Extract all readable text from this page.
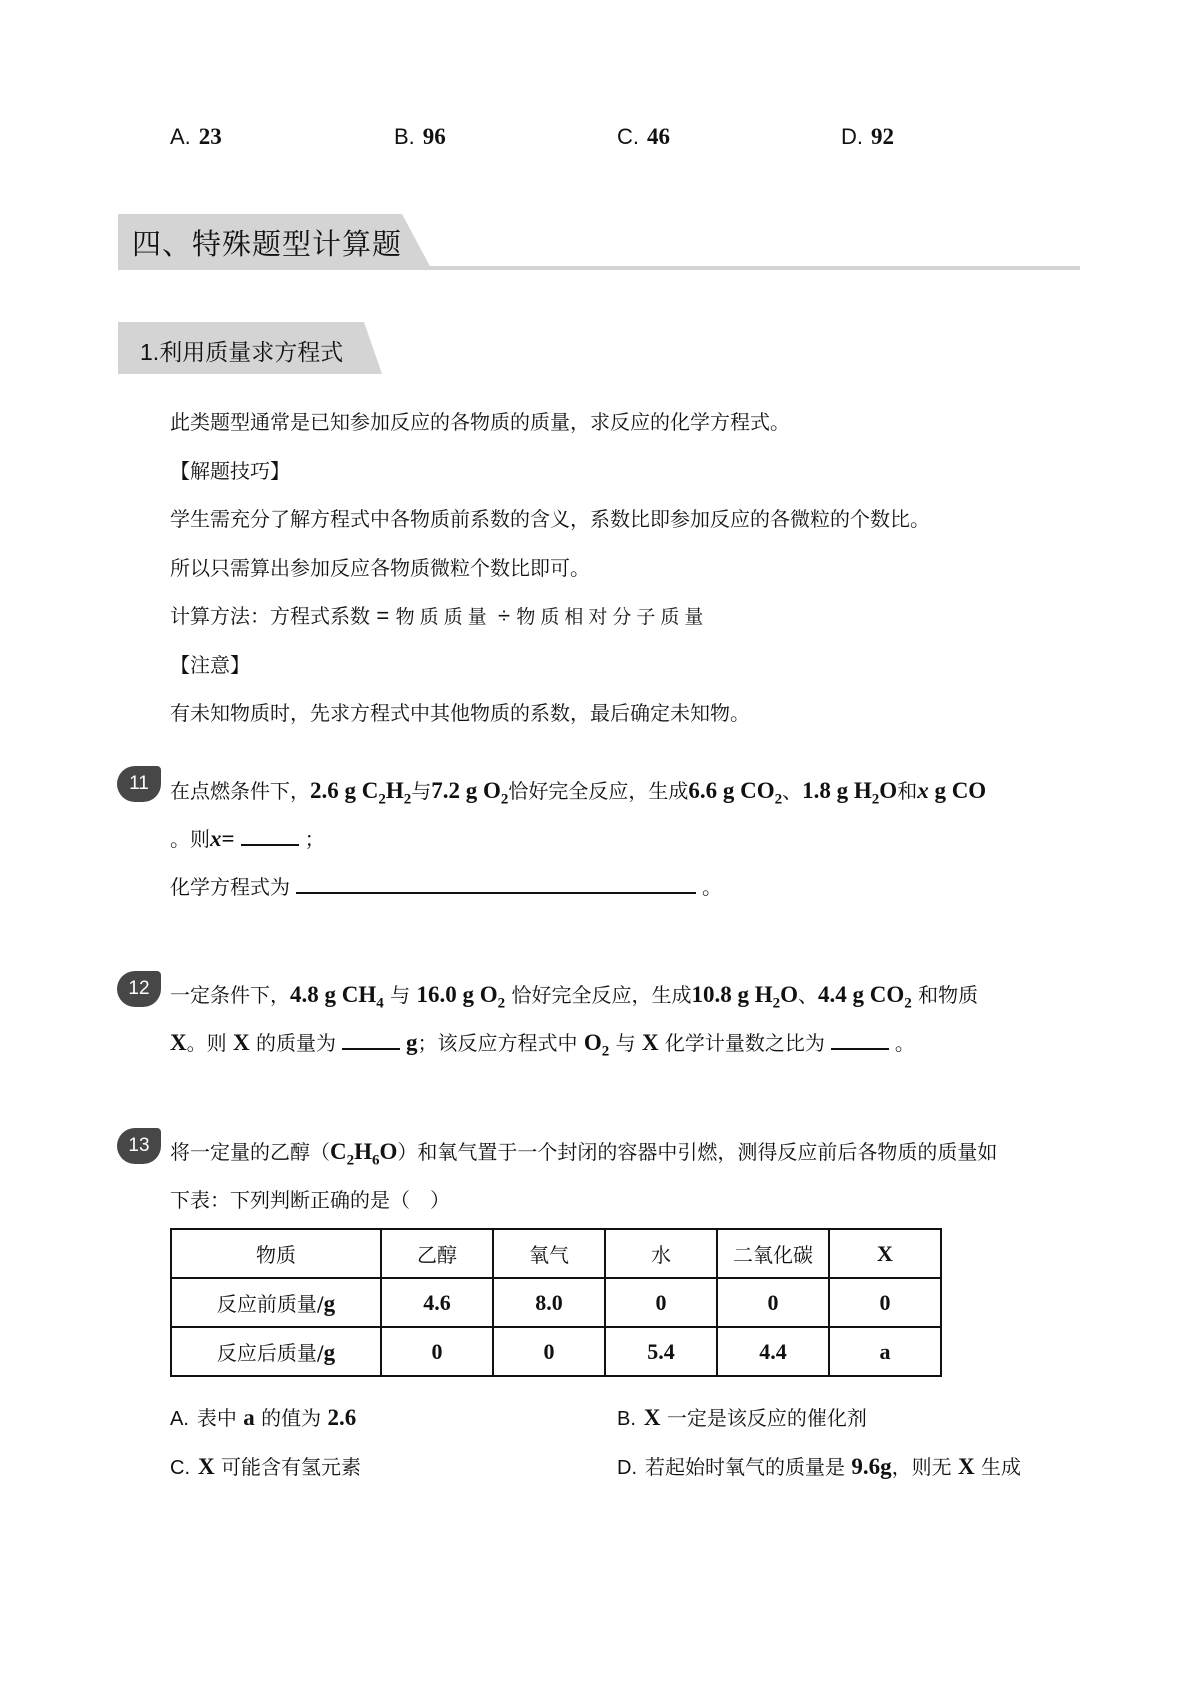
A. 23	B. 96	C. 46	D. 92
四、特殊题型计算题
1.利用质量求方程式
此类题型通常是已知参加反应的各物质的质量，求反应的化学方程式。
【解题技巧】
学生需充分了解方程式中各物质前系数的含义，系数比即参加反应的各微粒的个数比。
所以只需算出参加反应各物质微粒个数比即可。
计算方法：方程式系数 = 物质质量 ÷ 物质相对分子质量
【注意】
有未知物质时，先求方程式中其他物质的系数，最后确定未知物。
11	在点燃条件下，2.6 g $C_2H_2$与7.2 g $O_2$恰好完全反应，生成6.6 g $CO_2$、1.8 g $H_2O$和x g CO
。则x=	；
化学方程式为	。
12	一定条件下，4.8 g $CH_4$ 与 16.0 g $O_2$ 恰好完全反应，生成10.8 g $H_2O$、4.4 g $CO_2$ 和物质
X。则 X 的质量为	g；该反应方程式中 $O_2$ 与 X 化学计量数之比为	。
13	将一定量的乙醇$(C_2H_6O)$和氧气置于一个封闭的容器中引燃，测得反应前后各物质的质量如
下表：下列判断正确的是（　）
物质	乙醇	氧气	水	二氧化碳	X
反应前质量/g	4.6	8.0	0	0	0
反应后质量/g	0	0	5.4	4.4	a
A. 表中 a 的值为 2.6	B. X 一定是该反应的催化剂
C. X 可能含有氢元素	D. 若起始时氧气的质量是 9.6g，则无 X 生成
